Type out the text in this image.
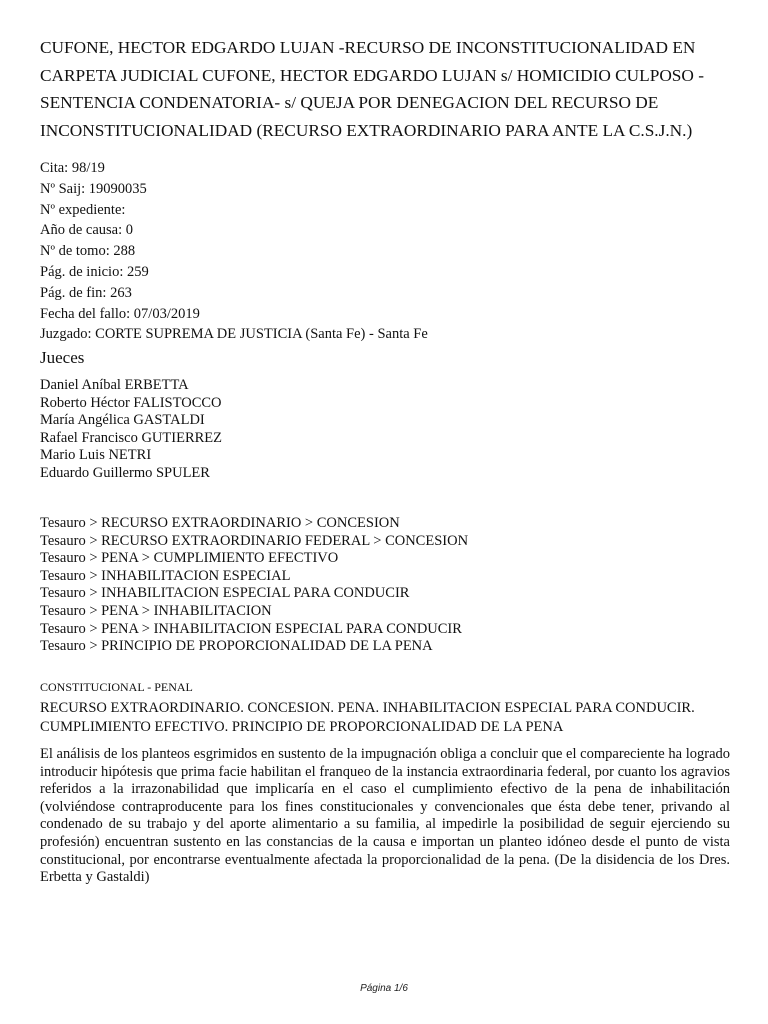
CUFONE, HECTOR EDGARDO LUJAN -RECURSO DE INCONSTITUCIONALIDAD EN CARPETA JUDICIAL CUFONE, HECTOR EDGARDO LUJAN s/ HOMICIDIO CULPOSO -SENTENCIA CONDENATORIA- s/ QUEJA POR DENEGACION DEL RECURSO DE INCONSTITUCIONALIDAD (RECURSO EXTRAORDINARIO PARA ANTE LA C.S.J.N.)
Cita: 98/19
Nº Saij: 19090035
Nº expediente:
Año de causa: 0
Nº de tomo: 288
Pág. de inicio: 259
Pág. de fin: 263
Fecha del fallo: 07/03/2019
Juzgado: CORTE SUPREMA DE JUSTICIA (Santa Fe) - Santa Fe
Jueces
Daniel Aníbal ERBETTA
Roberto Héctor FALISTOCCO
María Angélica GASTALDI
Rafael Francisco GUTIERREZ
Mario Luis NETRI
Eduardo Guillermo SPULER
Tesauro > RECURSO EXTRAORDINARIO > CONCESION
Tesauro > RECURSO EXTRAORDINARIO FEDERAL > CONCESION
Tesauro > PENA > CUMPLIMIENTO EFECTIVO
Tesauro > INHABILITACION ESPECIAL
Tesauro > INHABILITACION ESPECIAL PARA CONDUCIR
Tesauro > PENA > INHABILITACION
Tesauro > PENA > INHABILITACION ESPECIAL PARA CONDUCIR
Tesauro > PRINCIPIO DE PROPORCIONALIDAD DE LA PENA

CONSTITUCIONAL - PENAL

RECURSO EXTRAORDINARIO. CONCESION. PENA. INHABILITACION ESPECIAL PARA CONDUCIR. CUMPLIMIENTO EFECTIVO. PRINCIPIO DE PROPORCIONALIDAD DE LA PENA

El análisis de los planteos esgrimidos en sustento de la impugnación obliga a concluir que el compareciente ha logrado introducir hipótesis que prima facie habilitan el franqueo de la instancia extraordinaria federal, por cuanto los agravios referidos a la irrazonabilidad que implicaría en el caso el cumplimiento efectivo de la pena de inhabilitación (volviéndose contraproducente para los fines constitucionales y convencionales que ésta debe tener, privando al condenado de su trabajo y del aporte alimentario a su familia, al impedirle la posibilidad de seguir ejerciendo su profesión) encuentran sustento en las constancias de la causa e importan un planteo idóneo desde el punto de vista constitucional, por encontrarse eventualmente afectada la proporcionalidad de la pena. (De la disidencia de los Dres. Erbetta y Gastaldi)

Página 1/6
